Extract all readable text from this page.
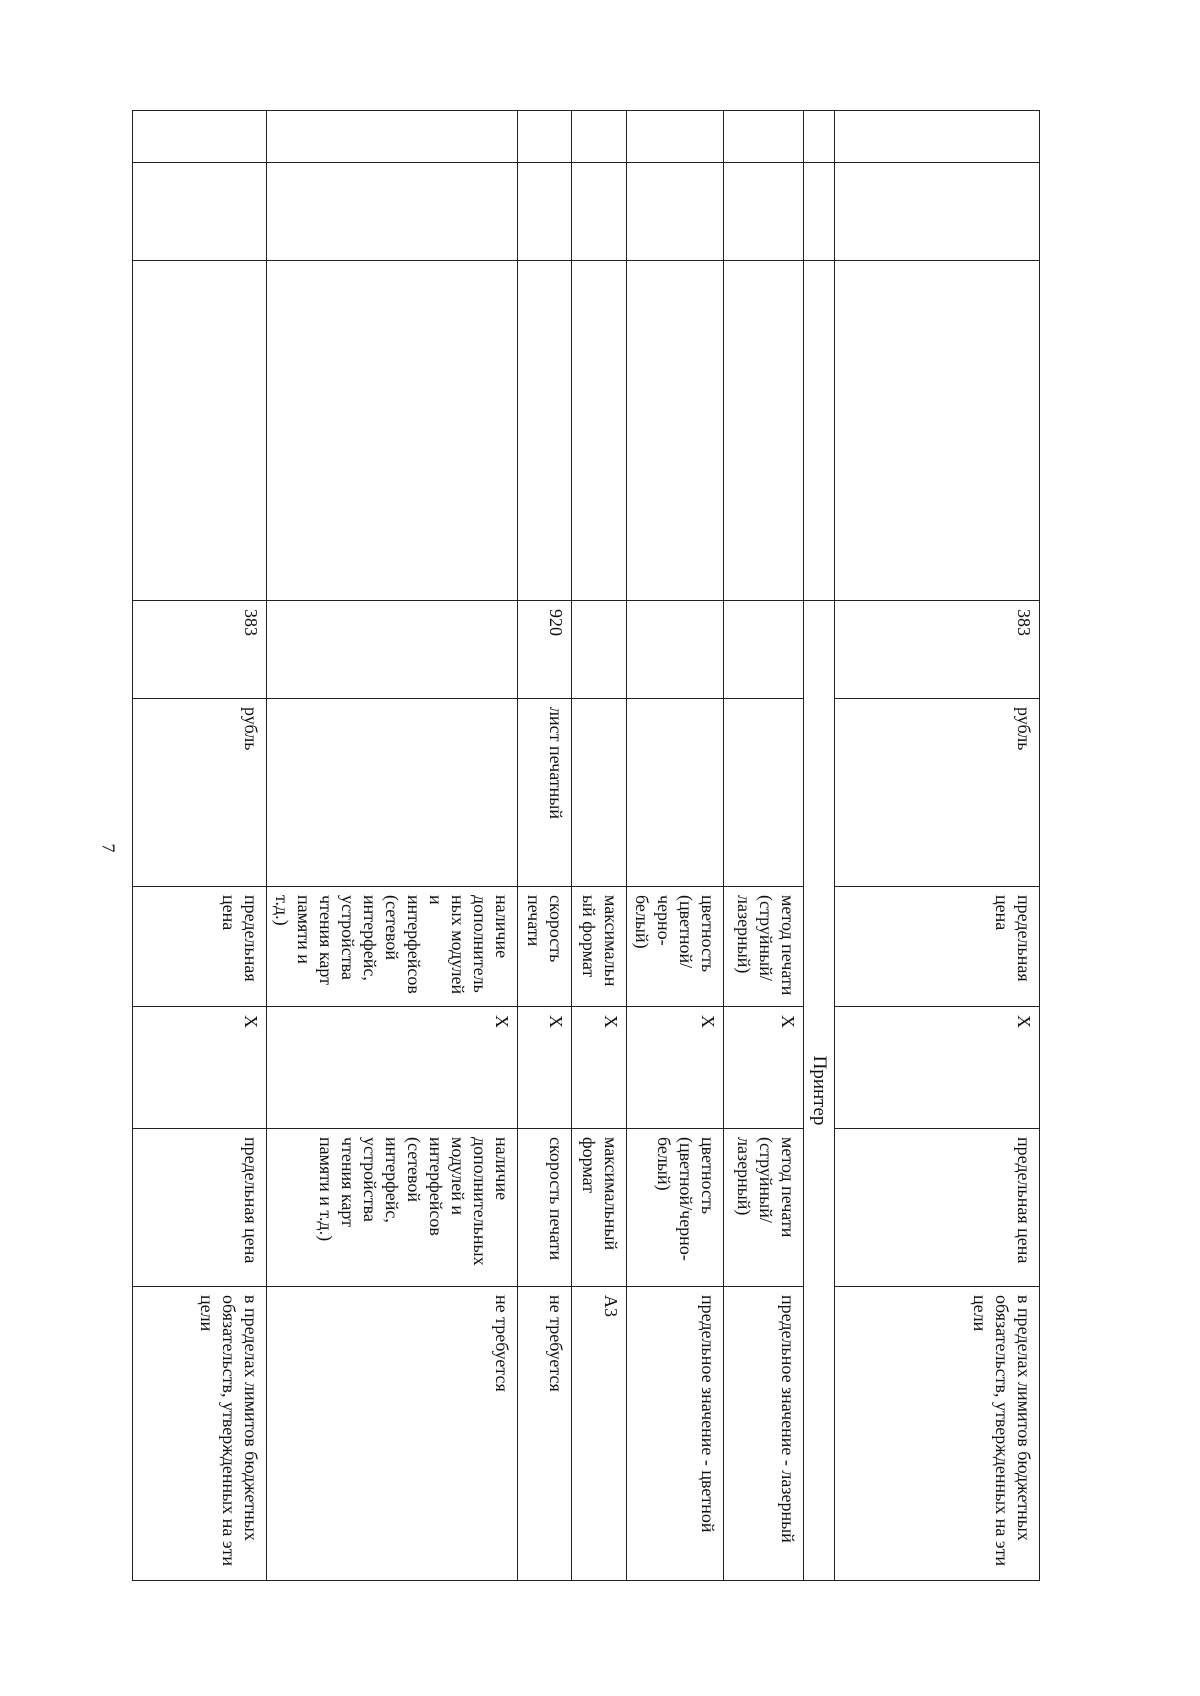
7
			383	рубль	предельная цена	Х	предельная цена	в пределах лимитов бюджетных обязательств, утвержденных на эти цели
			Принтер					
					метод печати (струйный/лазерный)	Х	метод печати (струйный/лазерный)	предельное значение - лазерный
					цветность (цветной/черно-белый)	Х	цветность (цветной/черно-белый)	предельное значение - цветной
					максимальный формат	Х	максимальный формат	А3
			920	лист печатный	скорость печати	Х	скорость печати	не требуется
					наличие дополнительных модулей и интерфейсов (сетевой интерфейс, устройства чтения карт памяти и т.д.)	Х	наличие дополнительных модулей и интерфейсов (сетевой интерфейс, устройства чтения карт памяти и т.д.)	не требуется
			383	рубль	предельная цена	Х	предельная цена	в пределах лимитов бюджетных обязательств, утвержденных на эти цели
